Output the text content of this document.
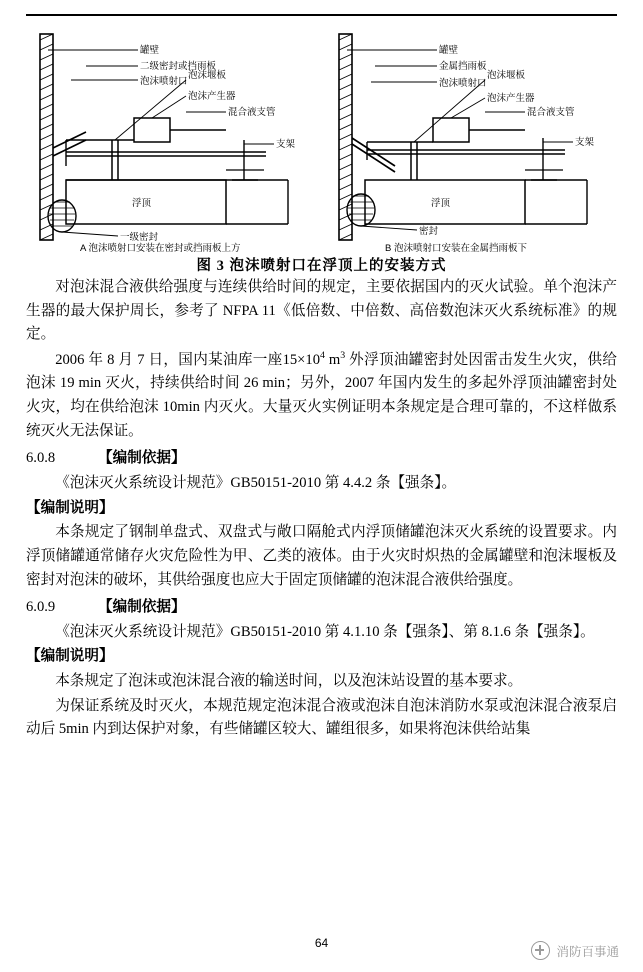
罐壁
二级密封或挡雨板
泡沫喷射口
泡沫堰板
泡沫产生器
混合液支管
支架
浮顶
一级密封
A 泡沫喷射口安装在密封或挡雨板上方
罐壁
金属挡雨板
泡沫喷射口
泡沫堰板
泡沫产生器
混合液支管
支架
浮顶
密封
B 泡沫喷射口安装在金属挡雨板下
图 3 泡沫喷射口在浮顶上的安装方式

对泡沫混合液供给强度与连续供给时间的规定，主要依据国内的灭火试验。单个泡沫产生器的最大保护周长，参考了 NFPA 11《低倍数、中倍数、高倍数泡沫灭火系统标准》的规定。

2006 年 8 月 7 日，国内某油库一座$15\times 10^4$ $m^3$ 外浮顶油罐密封处因雷击发生火灾，供给泡沫 19 min 灭火，持续供给时间 26 min；另外，2007 年国内发生的多起外浮顶油罐密封处火灾，均在供给泡沫 10min 内灭火。大量灭火实例证明本条规定是合理可靠的，不这样做系统灭火无法保证。

6.0.8	【编制依据】

《泡沫灭火系统设计规范》GB50151-2010 第 4.4.2 条【强条】。

【编制说明】

本条规定了钢制单盘式、双盘式与敞口隔舱式内浮顶储罐泡沫灭火系统的设置要求。内浮顶储罐通常储存火灾危险性为甲、乙类的液体。由于火灾时炽热的金属罐壁和泡沫堰板及密封对泡沫的破坏，其供给强度也应大于固定顶储罐的泡沫混合液供给强度。

6.0.9	【编制依据】

《泡沫灭火系统设计规范》GB50151-2010 第 4.1.10 条【强条】、第 8.1.6 条【强条】。

【编制说明】

本条规定了泡沫或泡沫混合液的输送时间，以及泡沫站设置的基本要求。

为保证系统及时灭火，本规范规定泡沫混合液或泡沫自泡沫消防水泵或泡沫混合液泵启动后 5min 内到达保护对象，有些储罐区较大、罐组很多，如果将泡沫供给站集

64
消防百事通
